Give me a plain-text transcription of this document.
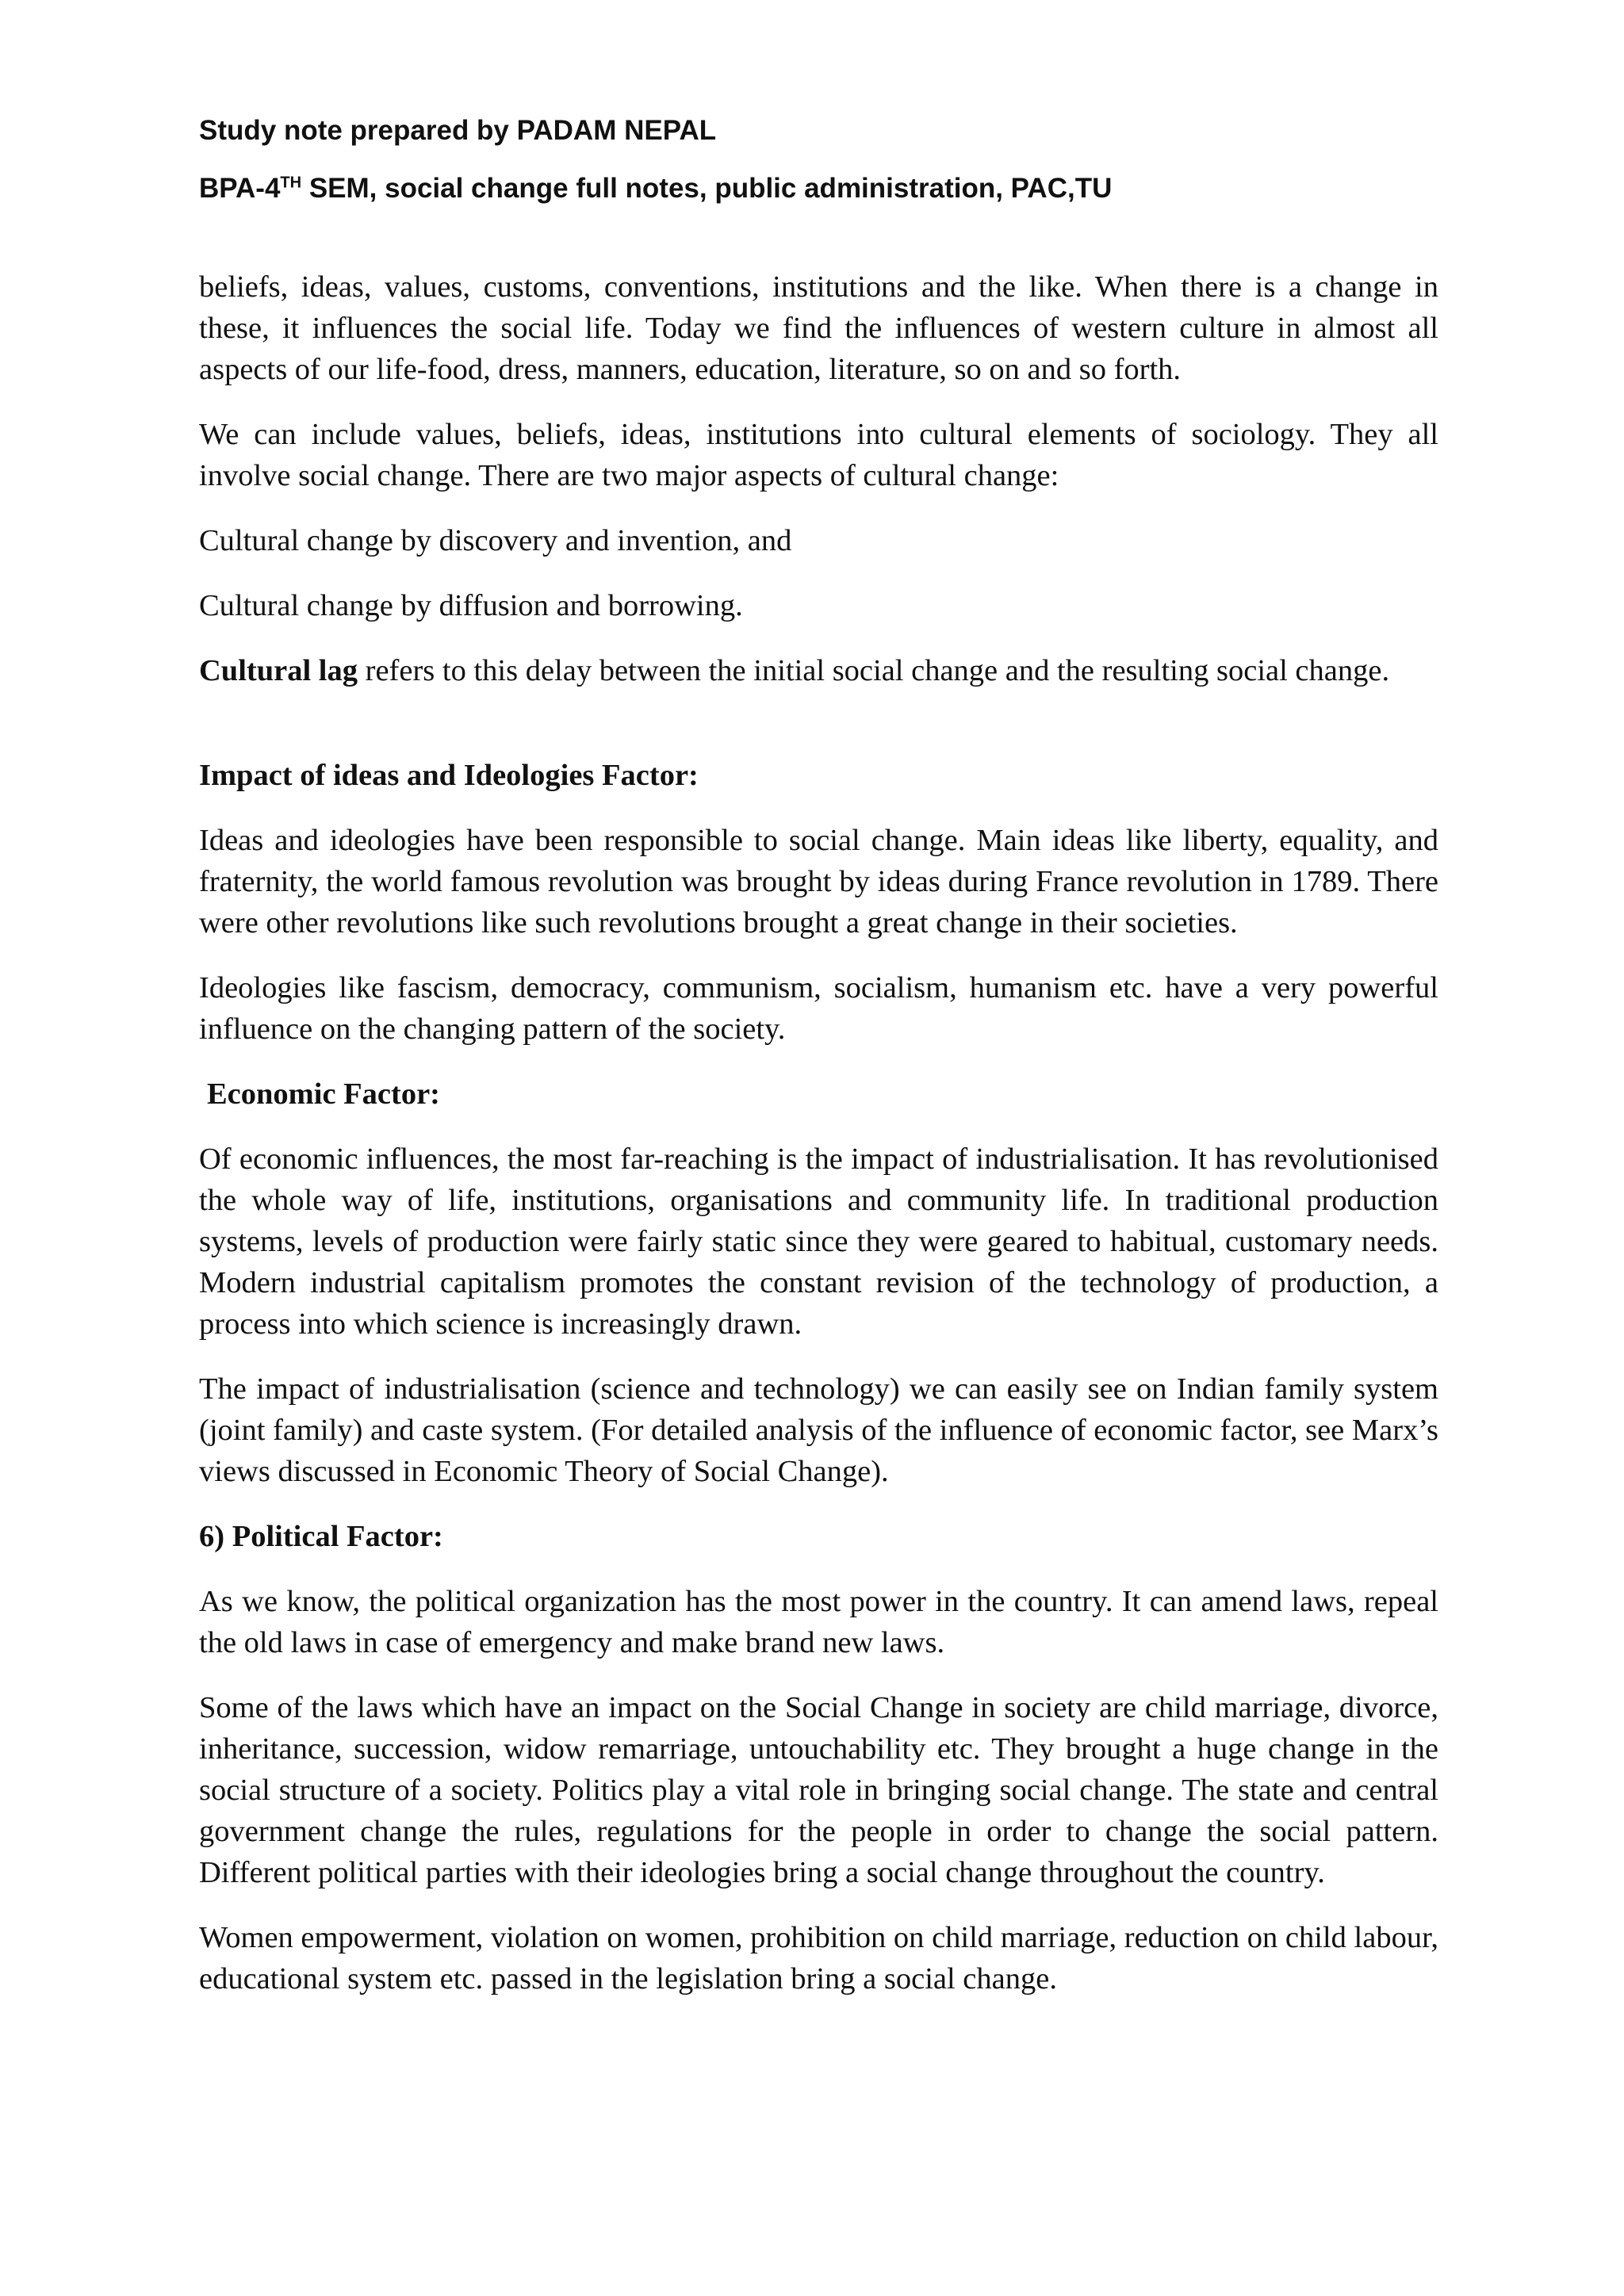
Study note prepared by PADAM NEPAL
BPA-4TH SEM, social change full notes, public administration, PAC,TU

beliefs, ideas, values, customs, conventions, institutions and the like. When there is a change in these, it influences the social life. Today we find the influences of western culture in almost all aspects of our life-food, dress, manners, education, literature, so on and so forth.

We can include values, beliefs, ideas, institutions into cultural elements of sociology. They all involve social change. There are two major aspects of cultural change:

Cultural change by discovery and invention, and

Cultural change by diffusion and borrowing.

Cultural lag refers to this delay between the initial social change and the resulting social change.

Impact of ideas and Ideologies Factor:

Ideas and ideologies have been responsible to social change. Main ideas like liberty, equality, and fraternity, the world famous revolution was brought by ideas during France revolution in 1789. There were other revolutions like such revolutions brought a great change in their societies.

Ideologies like fascism, democracy, communism, socialism, humanism etc. have a very powerful influence on the changing pattern of the society.

Economic Factor:

Of economic influences, the most far-reaching is the impact of industrialisation. It has revolutionised the whole way of life, institutions, organisations and community life. In traditional production systems, levels of production were fairly static since they were geared to habitual, customary needs. Modern industrial capitalism promotes the constant revision of the technology of production, a process into which science is increasingly drawn.

The impact of industrialisation (science and technology) we can easily see on Indian family system (joint family) and caste system. (For detailed analysis of the influence of economic factor, see Marx’s views discussed in Economic Theory of Social Change).

6) Political Factor:

As we know, the political organization has the most power in the country. It can amend laws, repeal the old laws in case of emergency and make brand new laws.

Some of the laws which have an impact on the Social Change in society are child marriage, divorce, inheritance, succession, widow remarriage, untouchability etc. They brought a huge change in the social structure of a society. Politics play a vital role in bringing social change. The state and central government change the rules, regulations for the people in order to change the social pattern. Different political parties with their ideologies bring a social change throughout the country.

Women empowerment, violation on women, prohibition on child marriage, reduction on child labour, educational system etc. passed in the legislation bring a social change.
